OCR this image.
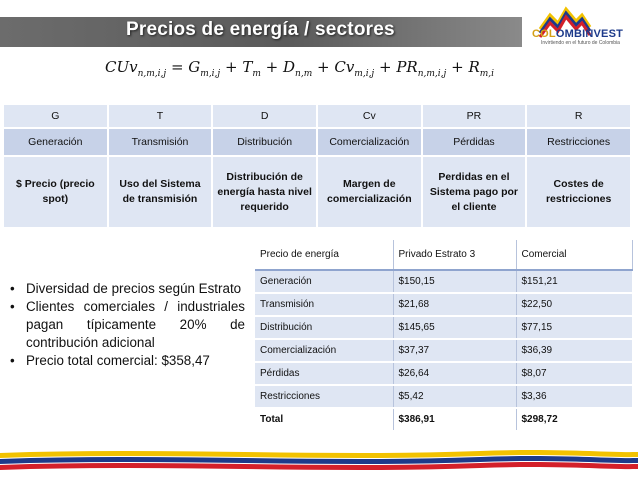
Precios de energía / sectores	COLOMBINVEST
Invirtiendo en el futuro de Colombia
$CUv_{n,m,i,j} = G_{m,i,j} + T_m + D_{n,m} + Cv_{m,i,j} + PR_{n,m,i,j} + R_{m,i}$
G	T	D	Cv	PR	R
Generación	Transmisión	Distribución	Comercialización	Pérdidas	Restricciones
$ Precio (precio spot)	Uso del Sistema de transmisión	Distribución de energía hasta nivel requerido	Margen de comercialización	Perdidas en el Sistema pago por el cliente	Costes de restricciones
• Diversidad de precios según Estrato
• Clientes comerciales / industriales pagan típicamente 20% de contribución adicional
• Precio total comercial: $358,47
Precio de energía	Privado Estrato 3	Comercial
Generación	$150,15	$151,21
Transmisión	$21,68	$22,50
Distribución	$145,65	$77,15
Comercialización	$37,37	$36,39
Pérdidas	$26,64	$8,07
Restricciones	$5,42	$3,36
Total	$386,91	$298,72
